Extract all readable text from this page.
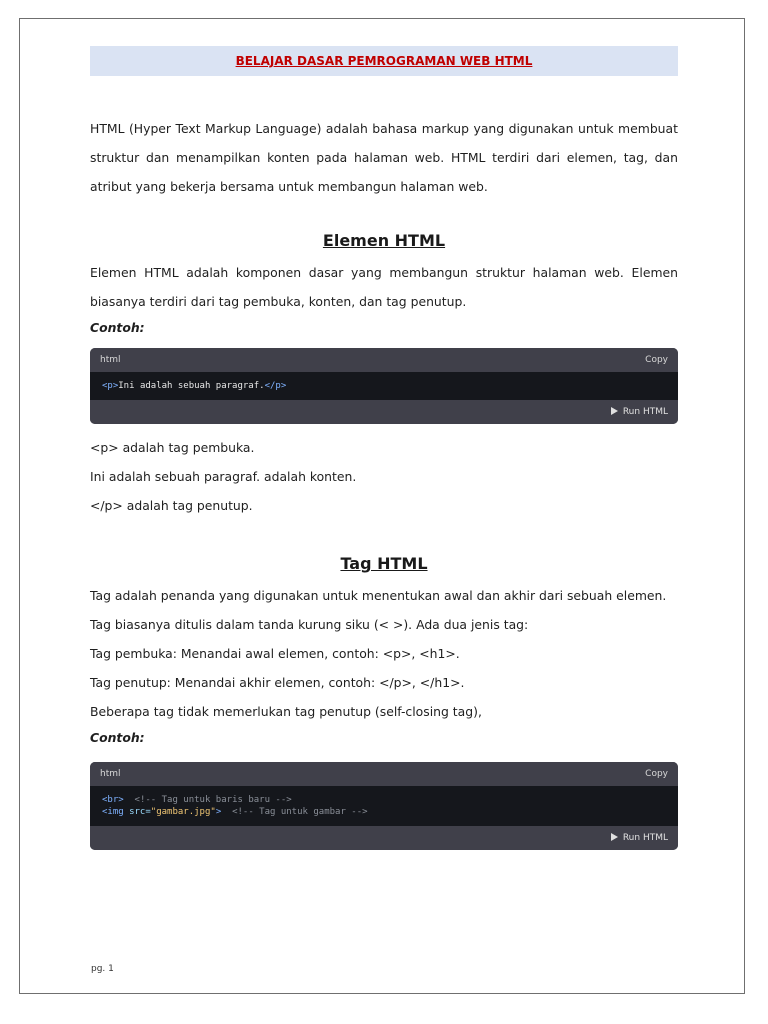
BELAJAR DASAR PEMROGRAMAN WEB HTML

HTML (Hyper Text Markup Language) adalah bahasa markup yang digunakan untuk membuat struktur dan menampilkan konten pada halaman web. HTML terdiri dari elemen, tag, dan atribut yang bekerja bersama untuk membangun halaman web.

Elemen HTML

Elemen HTML adalah komponen dasar yang membangun struktur halaman web. Elemen biasanya terdiri dari tag pembuka, konten, dan tag penutup.

Contoh:
html	Copy
<p>Ini adalah sebuah paragraf.</p>
Run HTML
<p> adalah tag pembuka.
Ini adalah sebuah paragraf. adalah konten.
</p> adalah tag penutup.
Tag HTML
Tag adalah penanda yang digunakan untuk menentukan awal dan akhir dari sebuah elemen.
Tag biasanya ditulis dalam tanda kurung siku (< >). Ada dua jenis tag:
Tag pembuka: Menandai awal elemen, contoh: <p>, <h1>.
Tag penutup: Menandai akhir elemen, contoh: </p>, </h1>.
Beberapa tag tidak memerlukan tag penutup (self-closing tag),
Contoh:
html	Copy
<br> <!-- Tag untuk baris baru -->
<img src="gambar.jpg"> <!-- Tag untuk gambar -->
Run HTML
pg. 1
